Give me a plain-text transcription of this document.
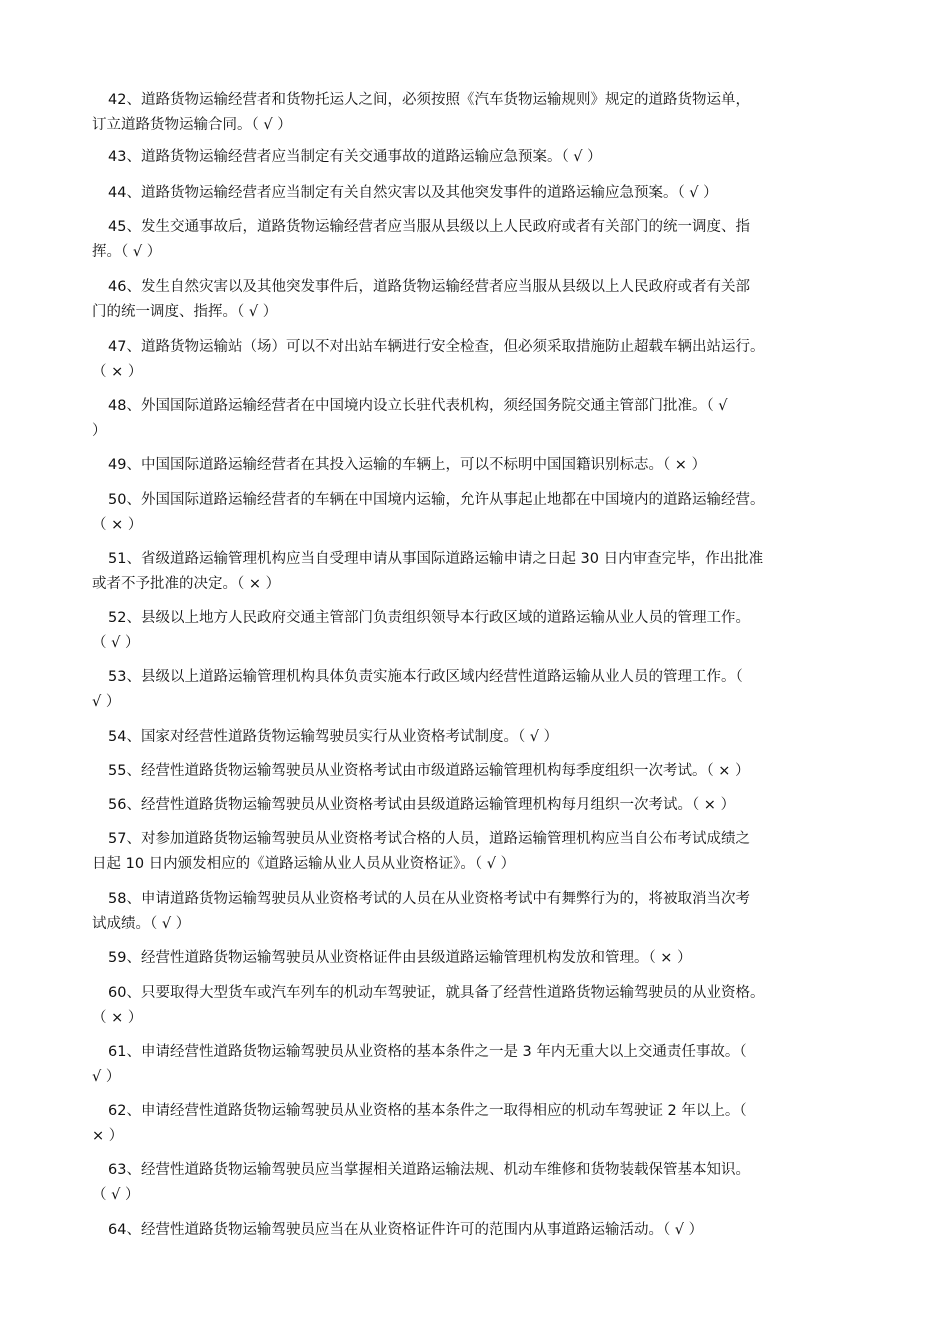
42、道路货物运输经营者和货物托运人之间，必须按照《汽车货物运输规则》规定的道路货物运单，
订立道路货物运输合同。（ √ ）

43、道路货物运输经营者应当制定有关交通事故的道路运输应急预案。（ √ ）

44、道路货物运输经营者应当制定有关自然灾害以及其他突发事件的道路运输应急预案。（ √ ）

45、发生交通事故后，道路货物运输经营者应当服从县级以上人民政府或者有关部门的统一调度、指
挥。（ √ ）

46、发生自然灾害以及其他突发事件后，道路货物运输经营者应当服从县级以上人民政府或者有关部
门的统一调度、指挥。（ √ ）

47、道路货物运输站（场）可以不对出站车辆进行安全检查，但必须采取措施防止超载车辆出站运行。
（ × ）

48、外国国际道路运输经营者在中国境内设立长驻代表机构，须经国务院交通主管部门批准。（ √
）

49、中国国际道路运输经营者在其投入运输的车辆上，可以不标明中国国籍识别标志。（ × ）

50、外国国际道路运输经营者的车辆在中国境内运输，允许从事起止地都在中国境内的道路运输经营。
（ × ）

51、省级道路运输管理机构应当自受理申请从事国际道路运输申请之日起 30 日内审查完毕，作出批准
或者不予批准的决定。（ × ）

52、县级以上地方人民政府交通主管部门负责组织领导本行政区域的道路运输从业人员的管理工作。
（ √ ）

53、县级以上道路运输管理机构具体负责实施本行政区域内经营性道路运输从业人员的管理工作。（
√ ）

54、国家对经营性道路货物运输驾驶员实行从业资格考试制度。（ √ ）

55、经营性道路货物运输驾驶员从业资格考试由市级道路运输管理机构每季度组织一次考试。（ × ）

56、经营性道路货物运输驾驶员从业资格考试由县级道路运输管理机构每月组织一次考试。（ × ）

57、对参加道路货物运输驾驶员从业资格考试合格的人员，道路运输管理机构应当自公布考试成绩之
日起 10 日内颁发相应的《道路运输从业人员从业资格证》。（ √ ）

58、申请道路货物运输驾驶员从业资格考试的人员在从业资格考试中有舞弊行为的，将被取消当次考
试成绩。（ √ ）

59、经营性道路货物运输驾驶员从业资格证件由县级道路运输管理机构发放和管理。（ × ）

60、只要取得大型货车或汽车列车的机动车驾驶证，就具备了经营性道路货物运输驾驶员的从业资格。
（ × ）

61、申请经营性道路货物运输驾驶员从业资格的基本条件之一是 3 年内无重大以上交通责任事故。（
√ ）

62、申请经营性道路货物运输驾驶员从业资格的基本条件之一取得相应的机动车驾驶证 2 年以上。（
× ）

63、经营性道路货物运输驾驶员应当掌握相关道路运输法规、机动车维修和货物装载保管基本知识。
（ √ ）

64、经营性道路货物运输驾驶员应当在从业资格证件许可的范围内从事道路运输活动。（ √ ）
